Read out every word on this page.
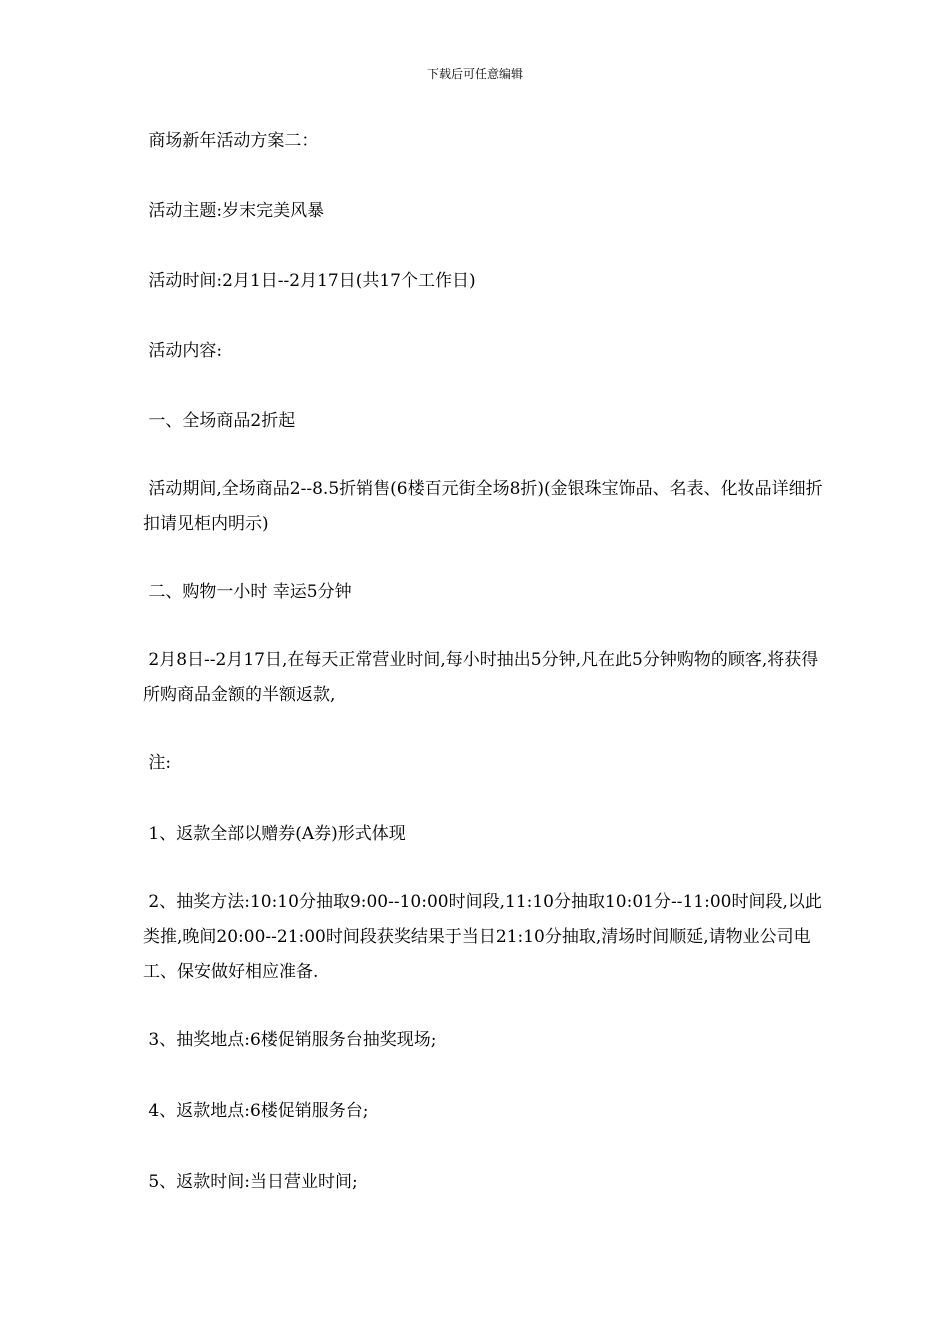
下载后可任意编辑

商场新年活动方案二：

活动主题:岁末完美风暴

活动时间:2月1日--2月17日(共17个工作日)

活动内容:

一、全场商品2折起

活动期间,全场商品2--8.5折销售(6楼百元街全场8折)(金银珠宝饰品、名表、化妆品详细折扣请见柜内明示)

二、购物一小时 幸运5分钟

2月8日--2月17日,在每天正常营业时间,每小时抽出5分钟,凡在此5分钟购物的顾客,将获得所购商品金额的半额返款,

注:

1、返款全部以赠券(A券)形式体现

2、抽奖方法:10:10分抽取9:00--10:00时间段,11:10分抽取10:01分--11:00时间段,以此类推,晚间20:00--21:00时间段获奖结果于当日21:10分抽取,清场时间顺延,请物业公司电工、保安做好相应准备.

3、抽奖地点:6楼促销服务台抽奖现场;

4、返款地点:6楼促销服务台;

5、返款时间:当日营业时间;
